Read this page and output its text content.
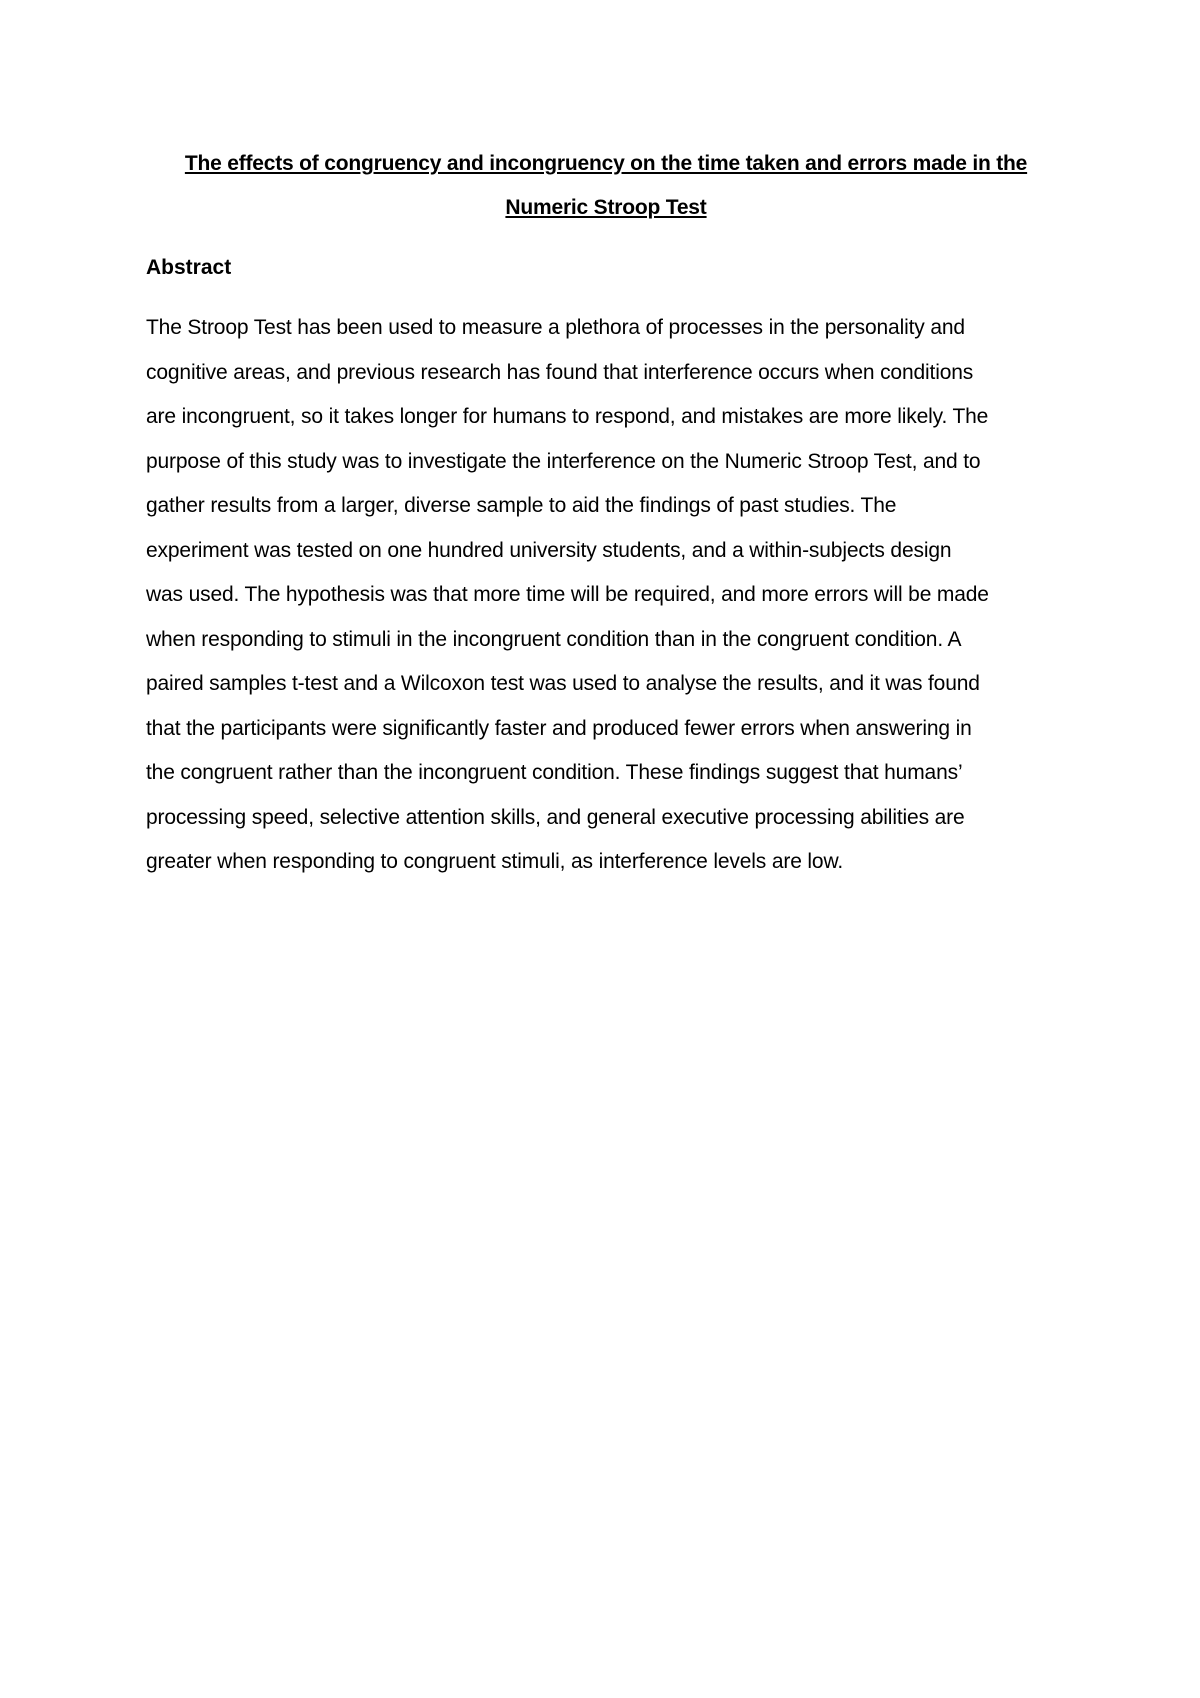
The effects of congruency and incongruency on the time taken and errors made in the
Numeric Stroop Test
Abstract

The Stroop Test has been used to measure a plethora of processes in the personality and
cognitive areas, and previous research has found that interference occurs when conditions
are incongruent, so it takes longer for humans to respond, and mistakes are more likely. The
purpose of this study was to investigate the interference on the Numeric Stroop Test, and to
gather results from a larger, diverse sample to aid the findings of past studies. The
experiment was tested on one hundred university students, and a within-subjects design
was used. The hypothesis was that more time will be required, and more errors will be made
when responding to stimuli in the incongruent condition than in the congruent condition. A
paired samples t-test and a Wilcoxon test was used to analyse the results, and it was found
that the participants were significantly faster and produced fewer errors when answering in
the congruent rather than the incongruent condition. These findings suggest that humans’
processing speed, selective attention skills, and general executive processing abilities are
greater when responding to congruent stimuli, as interference levels are low.
